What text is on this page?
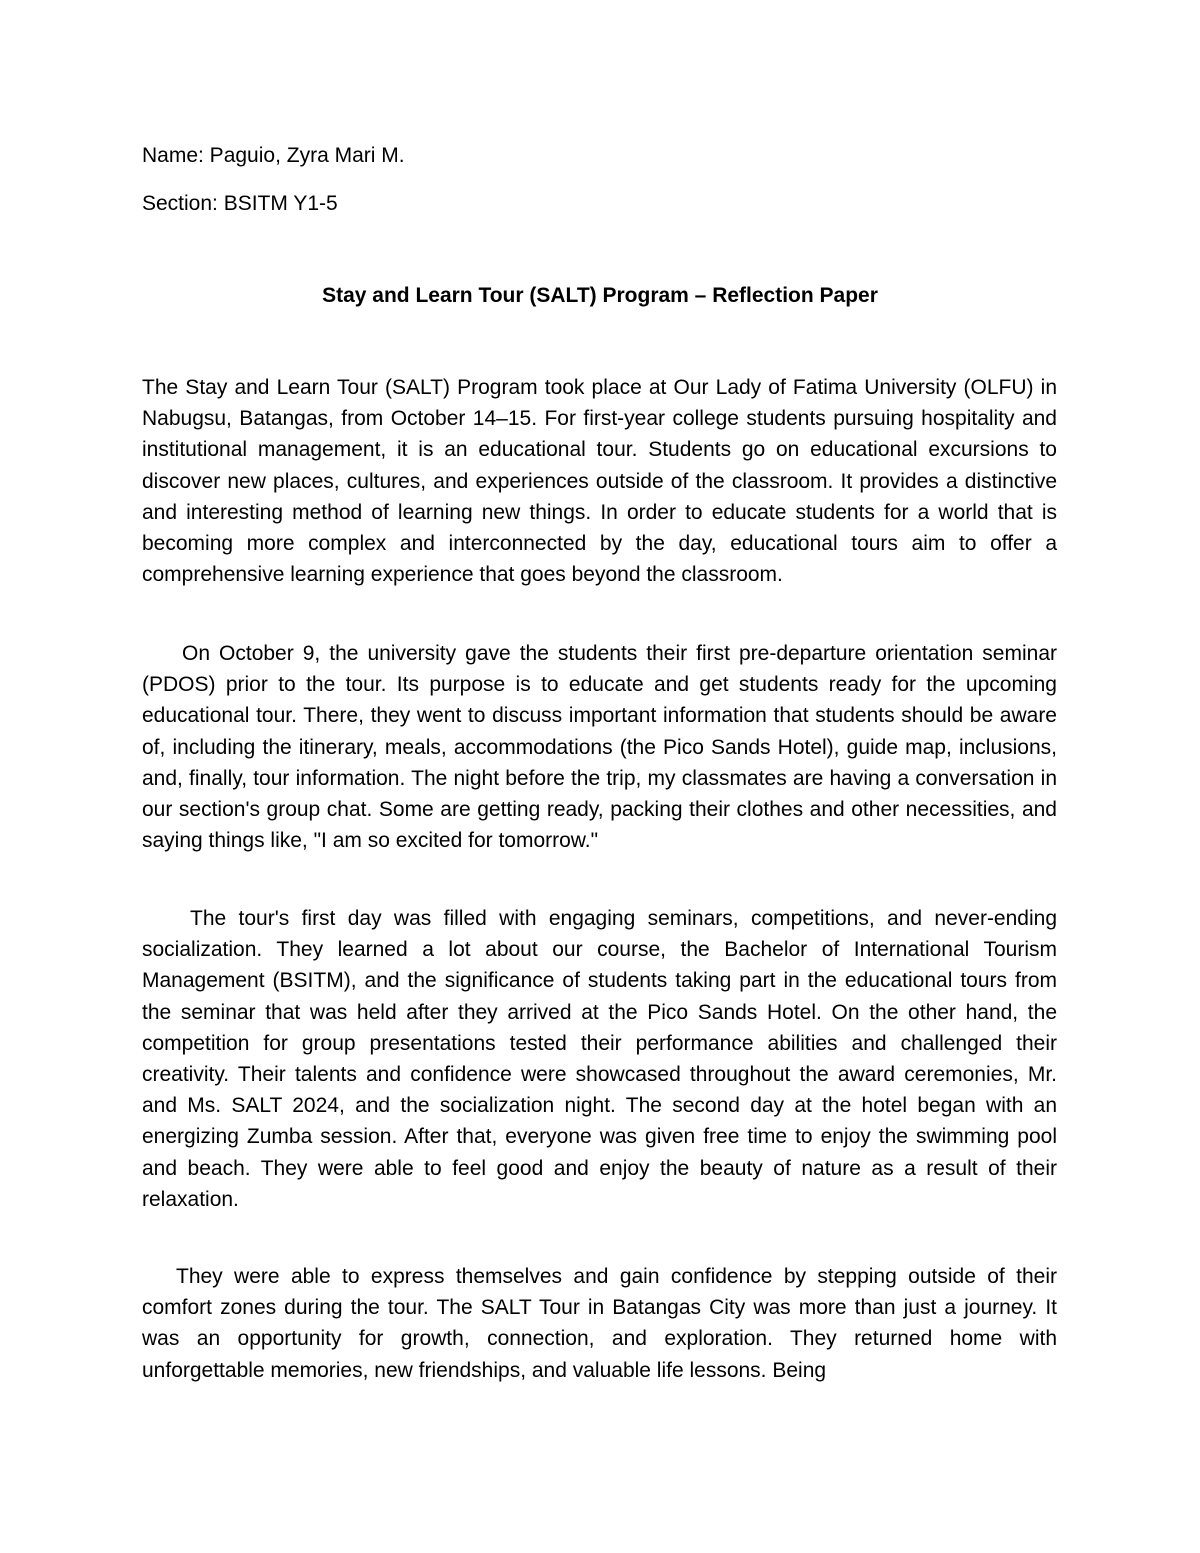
Name: Paguio, Zyra Mari M.
Section: BSITM Y1-5
Stay and Learn Tour (SALT) Program – Reflection Paper

The Stay and Learn Tour (SALT) Program took place at Our Lady of Fatima University (OLFU) in Nabugsu, Batangas, from October 14–15. For first-year college students pursuing hospitality and institutional management, it is an educational tour. Students go on educational excursions to discover new places, cultures, and experiences outside of the classroom. It provides a distinctive and interesting method of learning new things. In order to educate students for a world that is becoming more complex and interconnected by the day, educational tours aim to offer a comprehensive learning experience that goes beyond the classroom.

On October 9, the university gave the students their first pre-departure orientation seminar (PDOS) prior to the tour. Its purpose is to educate and get students ready for the upcoming educational tour. There, they went to discuss important information that students should be aware of, including the itinerary, meals, accommodations (the Pico Sands Hotel), guide map, inclusions, and, finally, tour information. The night before the trip, my classmates are having a conversation in our section's group chat. Some are getting ready, packing their clothes and other necessities, and saying things like, "I am so excited for tomorrow."

The tour's first day was filled with engaging seminars, competitions, and never-ending socialization. They learned a lot about our course, the Bachelor of International Tourism Management (BSITM), and the significance of students taking part in the educational tours from the seminar that was held after they arrived at the Pico Sands Hotel. On the other hand, the competition for group presentations tested their performance abilities and challenged their creativity. Their talents and confidence were showcased throughout the award ceremonies, Mr. and Ms. SALT 2024, and the socialization night. The second day at the hotel began with an energizing Zumba session. After that, everyone was given free time to enjoy the swimming pool and beach. They were able to feel good and enjoy the beauty of nature as a result of their relaxation.

They were able to express themselves and gain confidence by stepping outside of their comfort zones during the tour. The SALT Tour in Batangas City was more than just a journey. It was an opportunity for growth, connection, and exploration. They returned home with unforgettable memories, new friendships, and valuable life lessons. Being
